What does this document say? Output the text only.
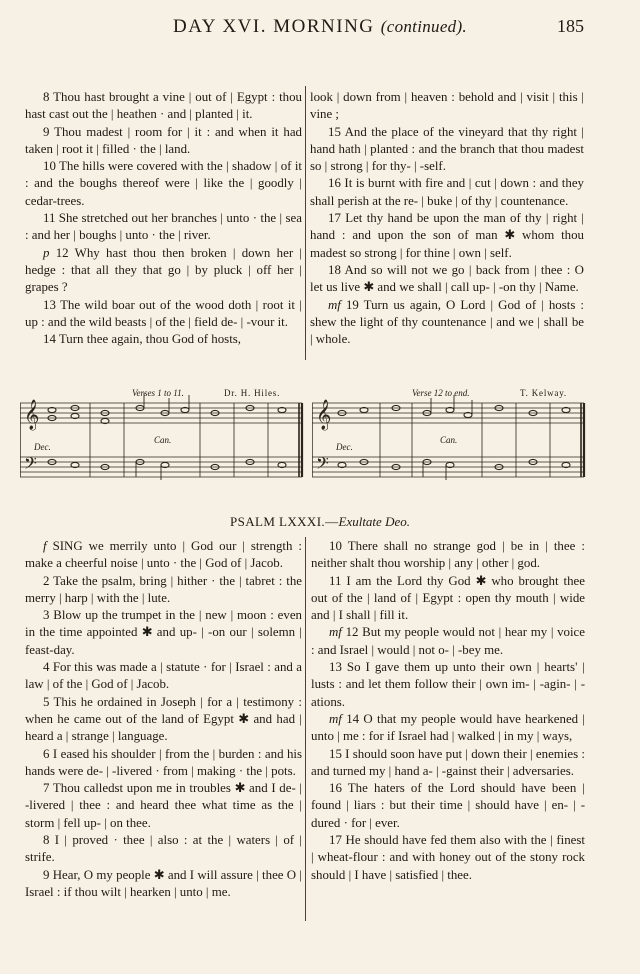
DAY XVI. MORNING (continued).	185
8 Thou hast brought a vine | out of | Egypt : thou hast cast out the | heathen · and | planted | it.
9 Thou madest | room for | it : and when it had taken | root it | filled · the | land.
10 The hills were covered with the | shadow | of it : and the boughs thereof were | like the | goodly | cedar-trees.
11 She stretched out her branches | unto · the | sea : and her | boughs | unto · the | river.
p 12 Why hast thou then broken | down her | hedge : that all they that go | by pluck | off her | grapes ?
13 The wild boar out of the wood doth | root it | up : and the wild beasts | of the | field de- | -vour it.
14 Turn thee again, thou God of hosts,
look | down from | heaven : behold and | visit | this | vine ;
15 And the place of the vineyard that thy right | hand hath | planted : and the branch that thou madest so | strong | for thy- | -self.
16 It is burnt with fire and | cut | down : and they shall perish at the re- | buke | of thy | countenance.
17 Let thy hand be upon the man of thy | right | hand : and upon the son of man ✱ whom thou madest so strong | for thine | own | self.
18 And so will not we go | back from | thee : O let us live ✱ and we shall | call up- | -on thy | Name.
mf 19 Turn us again, O Lord | God of | hosts : shew the light of thy countenance | and we | shall be | whole.
Verses 1 to 11.	Dr. H. Hiles.
Dec.
Can.
𝄞
𝄢
Verse 12 to end.	T. Kelway.
Dec.
Can.
𝄞
𝄢
PSALM LXXXI.—Exultate Deo.
f SING we merrily unto | God our | strength : make a cheerful noise | unto · the | God of | Jacob.
2 Take the psalm, bring | hither · the | tabret : the merry | harp | with the | lute.
3 Blow up the trumpet in the | new | moon : even in the time appointed ✱ and up- | -on our | solemn | feast-day.
4 For this was made a | statute · for | Israel : and a law | of the | God of | Jacob.
5 This he ordained in Joseph | for a | testimony : when he came out of the land of Egypt ✱ and had | heard a | strange | language.
6 I eased his shoulder | from the | burden : and his hands were de- | -livered · from | making · the | pots.
7 Thou calledst upon me in troubles ✱ and I de- | -livered | thee : and heard thee what time as the | storm | fell up- | on thee.
8 I | proved · thee | also : at the | waters | of | strife.
9 Hear, O my people ✱ and I will assure | thee O | Israel : if thou wilt | hearken | unto | me.
10 There shall no strange god | be in | thee : neither shalt thou worship | any | other | god.
11 I am the Lord thy God ✱ who brought thee out of the | land of | Egypt : open thy mouth | wide and | I shall | fill it.
mf 12 But my people would not | hear my | voice : and Israel | would | not o- | -bey me.
13 So I gave them up unto their own | hearts' | lusts : and let them follow their | own im- | -agin- | -ations.
mf 14 O that my people would have hearkened | unto | me : for if Israel had | walked | in my | ways,
15 I should soon have put | down their | enemies : and turned my | hand a- | -gainst their | adversaries.
16 The haters of the Lord should have been | found | liars : but their time | should have | en- | -dured · for | ever.
17 He should have fed them also with the | finest | wheat-flour : and with honey out of the stony rock should | I have | satisfied | thee.
